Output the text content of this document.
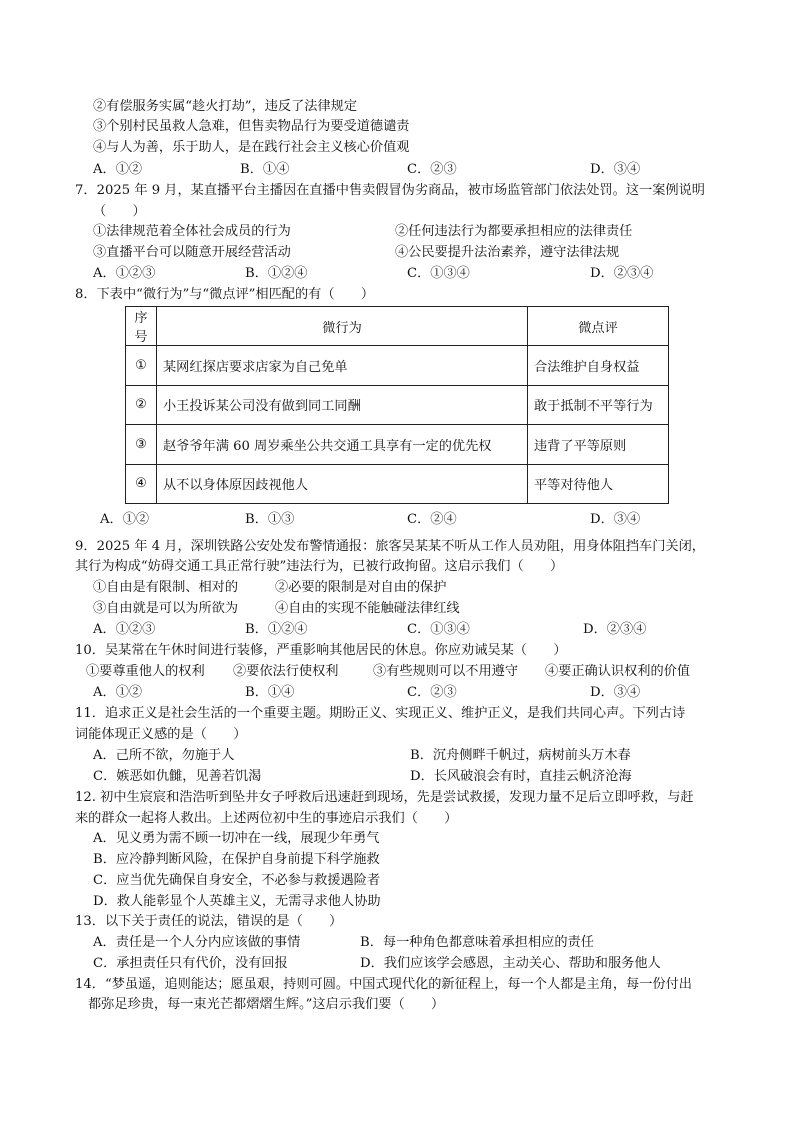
②有偿服务实属“趁火打劫”，违反了法律规定
③个别村民虽救人急难，但售卖物品行为要受道德谴责
④与人为善，乐于助人，是在践行社会主义核心价值观
A．①②	B．①④	C．②③	D．③④
7．2025 年 9 月，某直播平台主播因在直播中售卖假冒伪劣商品，被市场监管部门依法处罚。这一案例说明
（　　）
①法律规范着全体社会成员的行为	②任何违法行为都要承担相应的法律责任
③直播平台可以随意开展经营活动	④公民要提升法治素养，遵守法律法规
A．①②③	B．①②④	C．①③④	D．②③④
8．下表中“微行为”与“微点评”相匹配的有（　　）
序号	微行为	微点评
①	某网红探店要求店家为自己免单	合法维护自身权益
②	小王投诉某公司没有做到同工同酬	敢于抵制不平等行为
③	赵爷爷年满 60 周岁乘坐公共交通工具享有一定的优先权	违背了平等原则
④	从不以身体原因歧视他人	平等对待他人
A．①②	B．①③	C．②④	D．③④
9．2025 年 4 月，深圳铁路公安处发布警情通报：旅客吴某某不听从工作人员劝阻，用身体阻挡车门关闭，
其行为构成“妨碍交通工具正常行驶”违法行为，已被行政拘留。这启示我们（　　）
①自由是有限制、相对的	②必要的限制是对自由的保护
③自由就是可以为所欲为	④自由的实现不能触碰法律红线
A．①②③	B．①②④	C．①③④	D．②③④
10．吴某常在午休时间进行装修，严重影响其他居民的休息。你应劝诫吴某（　　）
①要尊重他人的权利 ②要依法行使权利	③有些规则可以不用遵守 ④要正确认识权利的价值
A．①②	B．①④	C．②③	D．③④
11．追求正义是社会生活的一个重要主题。期盼正义、实现正义、维护正义，是我们共同心声。下列古诗
词能体现正义感的是（　　）
A．己所不欲，勿施于人	B．沉舟侧畔千帆过，病树前头万木春
C．嫉恶如仇雠，见善若饥渴	D．长风破浪会有时，直挂云帆济沧海
12. 初中生宸宸和浩浩听到坠井女子呼救后迅速赶到现场，先是尝试救援，发现力量不足后立即呼救，与赶
来的群众一起将人救出。上述两位初中生的事迹启示我们（　　）
A．见义勇为需不顾一切冲在一线，展现少年勇气
B．应冷静判断风险，在保护自身前提下科学施救
C．应当优先确保自身安全，不必参与救援遇险者
D．救人能彰显个人英雄主义，无需寻求他人协助
13．以下关于责任的说法，错误的是（　　）
A．责任是一个人分内应该做的事情	B．每一种角色都意味着承担相应的责任
C．承担责任只有代价，没有回报	D．我们应该学会感恩，主动关心、帮助和服务他人
14．“梦虽遥，追则能达；愿虽艰，持则可圆。中国式现代化的新征程上，每一个人都是主角，每一份付出
都弥足珍贵，每一束光芒都熠熠生辉。”这启示我们要（　　）
